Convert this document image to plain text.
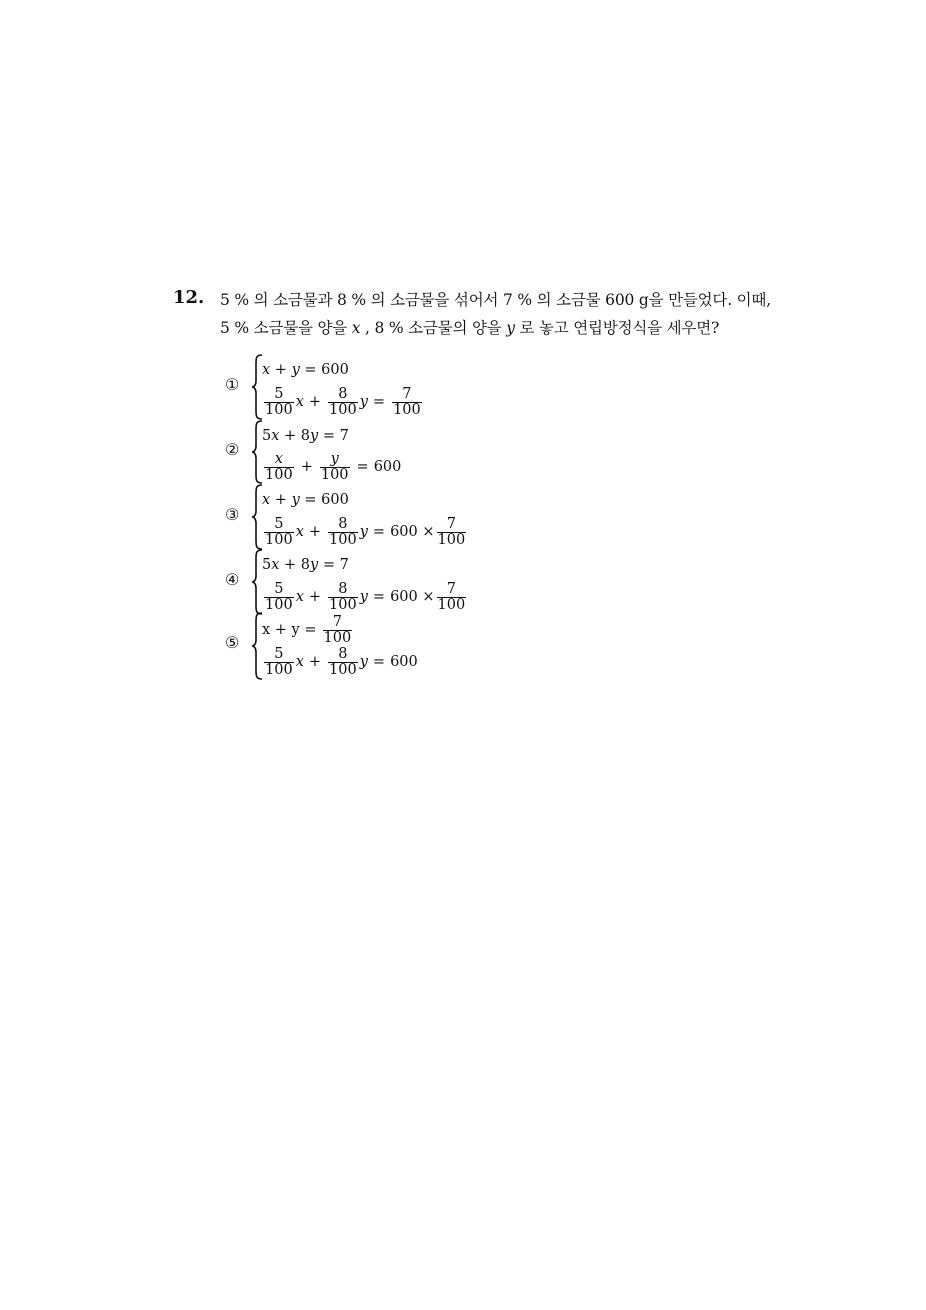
12. 5 % 의 소금물과 8 % 의 소금물을 섞어서 7 % 의 소금물 600 g을 만들었다. 이때,
5 % 소금물을 양을 x , 8 % 소금물의 양을 y 로 놓고 연립방정식을 세우면?
①
x + y = 600
$\frac{5}{100}$ $x + \frac{8}{100}$ $y = \frac{7}{100}$
②
5x + 8y = 7
$\frac{x}{100} + \frac{y}{100} = 600$
③
x + y = 600
$\frac{5}{100}$ $x + \frac{8}{100}$ $y = 600 \times \frac{7}{100}$
④
5x + 8y = 7
$\frac{5}{100}$ $x + \frac{8}{100}$ $y = 600 \times \frac{7}{100}$
⑤
$x + y = \frac{7}{100}$
$\frac{5}{100}$ $x + \frac{8}{100}$ y = 600
